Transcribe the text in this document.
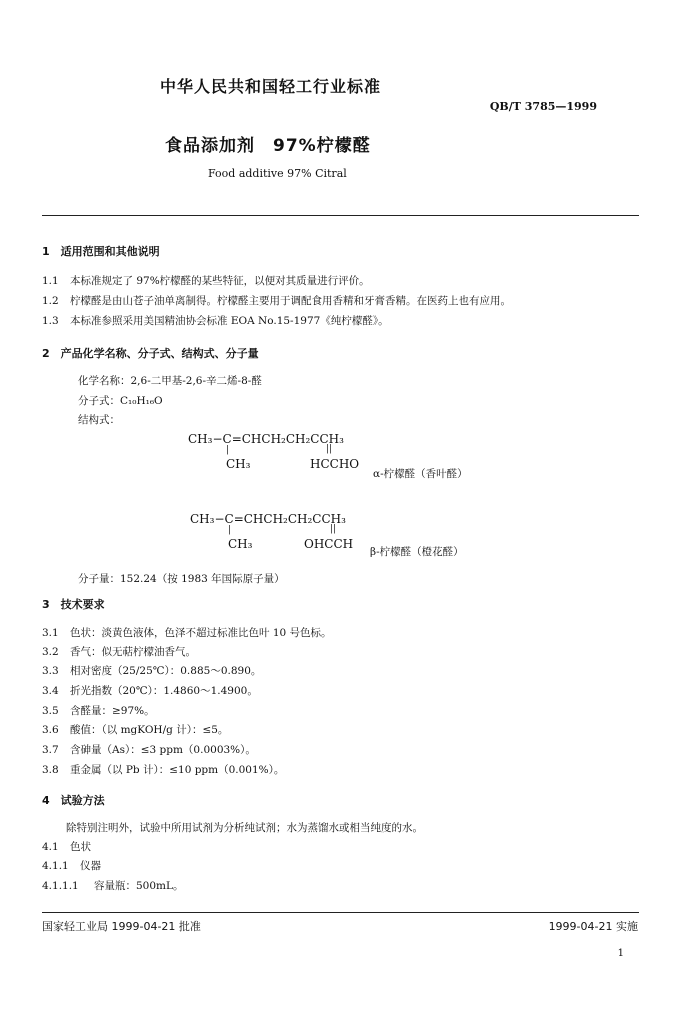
中华人民共和国轻工行业标准
QB/T 3785—1999
食品添加剂　97%柠檬醛
Food additive 97% Citral
1　适用范围和其他说明
1.1 本标准规定了 97%柠檬醛的某些特征，以便对其质量进行评价。
1.2 柠檬醛是由山苍子油单离制得。柠檬醛主要用于调配食用香精和牙膏香精。在医药上也有应用。
1.3 本标准参照采用美国精油协会标准 EOA No.15-1977《纯柠檬醛》。
2　产品化学名称、分子式、结构式、分子量
化学名称：2,6-二甲基-2,6-辛二烯-8-醛
分子式：C₁₀H₁₆O
结构式：
CH₃−C=CHCH₂CH₂CCH₃
|	||
CH₃	HCCHO
α-柠檬醛（香叶醛）
CH₃−C=CHCH₂CH₂CCH₃
|	||
CH₃	OHCCH
β-柠檬醛（橙花醛）
分子量：152.24（按 1983 年国际原子量）
3　技术要求
3.1 色状：淡黄色液体，色泽不超过标准比色叶 10 号色标。
3.2 香气：似无萜柠檬油香气。
3.3 相对密度（25/25℃）：0.885～0.890。
3.4 折光指数（20℃）：1.4860～1.4900。
3.5 含醛量：≥97%。
3.6 酸值：（以 mgKOH/g 计）：≤5。
3.7 含砷量（As）：≤3 ppm（0.0003%）。
3.8 重金属（以 Pb 计）：≤10 ppm（0.001%）。
4　试验方法
除特别注明外，试验中所用试剂为分析纯试剂；水为蒸馏水或相当纯度的水。
4.1 色状
4.1.1 仪器
4.1.1.1 容量瓶：500mL。
国家轻工业局 1999-04-21 批准	1999-04-21 实施
1
